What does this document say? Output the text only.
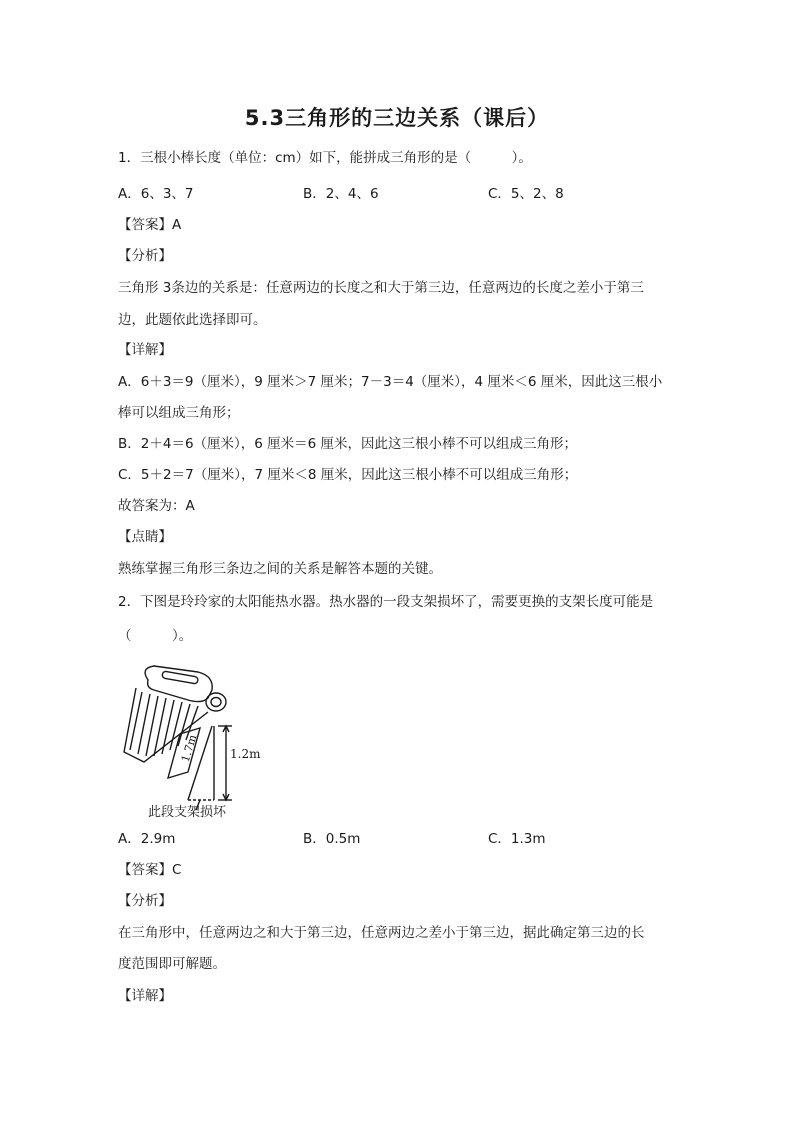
5.3三角形的三边关系（课后）
1．三根小棒长度（单位：cm）如下，能拼成三角形的是（　　　）。
A．6、3、7	B．2、4、6	C．5、2、8
【答案】A
【分析】
三角形 3条边的关系是：任意两边的长度之和大于第三边，任意两边的长度之差小于第三
边，此题依此选择即可。
【详解】
A．6＋3＝9（厘米），9 厘米＞7 厘米；7－3＝4（厘米），4 厘米＜6 厘米，因此这三根小
棒可以组成三角形；
B．2＋4＝6（厘米），6 厘米＝6 厘米，因此这三根小棒不可以组成三角形；
C．5＋2＝7（厘米），7 厘米＜8 厘米，因此这三根小棒不可以组成三角形；
故答案为：A
【点睛】
熟练掌握三角形三条边之间的关系是解答本题的关键。
2．下图是玲玲家的太阳能热水器。热水器的一段支架损坏了，需要更换的支架长度可能是
（　　　）。
1.7m	1.2m
此段支架损坏
A．2.9m	B．0.5m	C．1.3m
【答案】C
【分析】
在三角形中，任意两边之和大于第三边，任意两边之差小于第三边，据此确定第三边的长
度范围即可解题。
【详解】
